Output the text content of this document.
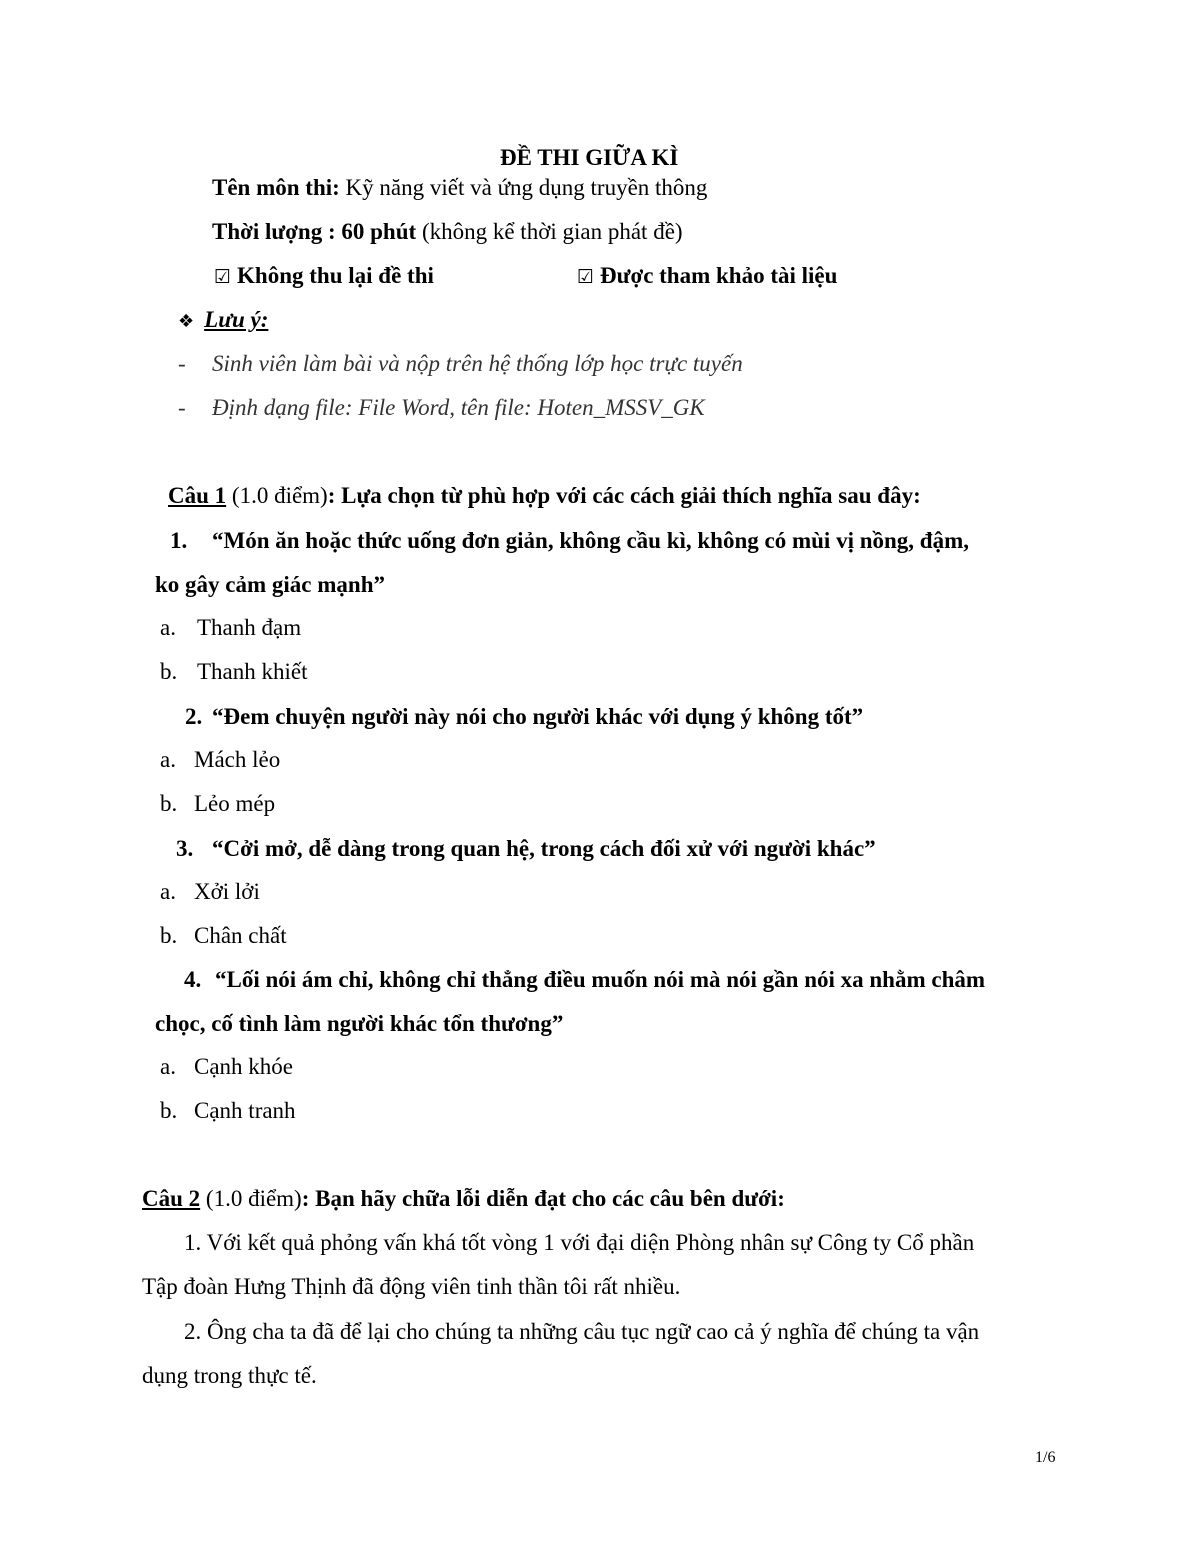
ĐỀ THI GIỮA KÌ
Tên môn thi: Kỹ năng viết và ứng dụng truyền thông
Thời lượng : 60 phút (không kể thời gian phát đề)
☑ Không thu lại đề thi	☑ Được tham khảo tài liệu
❖ Lưu ý:
- Sinh viên làm bài và nộp trên hệ thống lớp học trực tuyến
- Định dạng file: File Word, tên file: Hoten_MSSV_GK
Câu 1 (1.0 điểm): Lựa chọn từ phù hợp với các cách giải thích nghĩa sau đây:
1. “Món ăn hoặc thức uống đơn giản, không cầu kì, không có mùi vị nồng, đậm,
ko gây cảm giác mạnh”
a. Thanh đạm
b. Thanh khiết
2. “Đem chuyện người này nói cho người khác với dụng ý không tốt”
a. Mách lẻo
b. Lẻo mép
3. “Cởi mở, dễ dàng trong quan hệ, trong cách đối xử với người khác”
a. Xởi lởi
b. Chân chất
4. “Lối nói ám chỉ, không chỉ thẳng điều muốn nói mà nói gần nói xa nhằm châm
chọc, cố tình làm người khác tổn thương”
a. Cạnh khóe
b. Cạnh tranh
Câu 2 (1.0 điểm): Bạn hãy chữa lỗi diễn đạt cho các câu bên dưới:
1. Với kết quả phỏng vấn khá tốt vòng 1 với đại diện Phòng nhân sự Công ty Cổ phần
Tập đoàn Hưng Thịnh đã động viên tinh thần tôi rất nhiều.
2. Ông cha ta đã để lại cho chúng ta những câu tục ngữ cao cả ý nghĩa để chúng ta vận
dụng trong thực tế.
1/6
